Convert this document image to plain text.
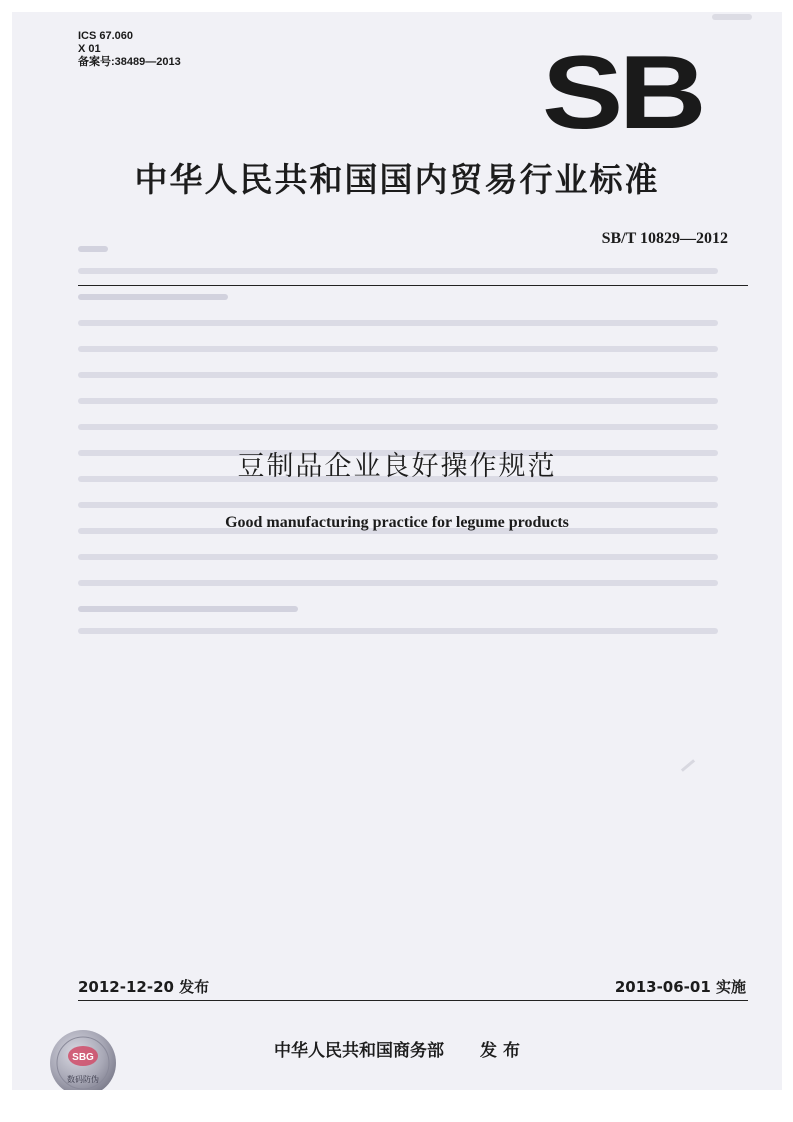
ICS 67.060
X 01
备案号:38489—2013	SB
中华人民共和国国内贸易行业标准
SB/T 10829—2012
豆制品企业良好操作规范
Good manufacturing practice for legume products
2012-12-20 发布	2013-06-01 实施
中华人民共和国商务部 发 布
SBG
数码防伪
